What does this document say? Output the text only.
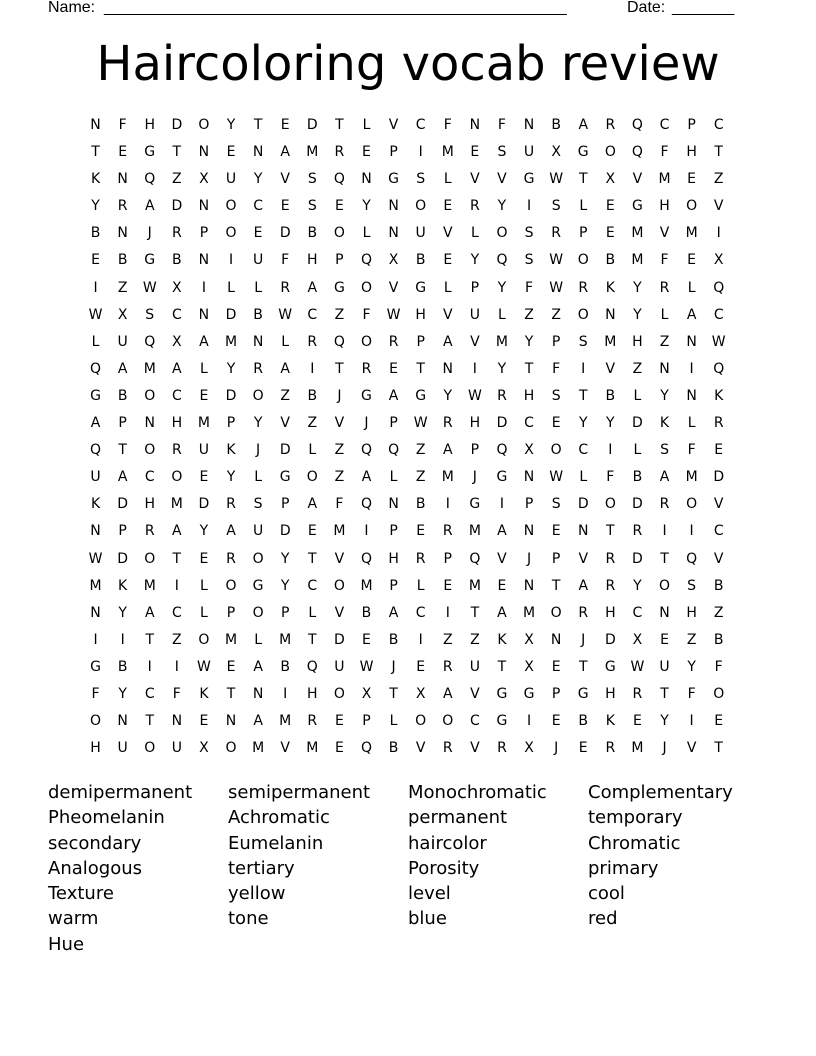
Name: ____________________________________________________	Date: _______
Haircoloring vocab review
N	F	H	D	O	Y	T	E	D	T	L	V	C	F	N	F	N	B	A	R	Q	C	P	C
T	E	G	T	N	E	N	A	M	R	E	P	I	M	E	S	U	X	G	O	Q	F	H	T
K	N	Q	Z	X	U	Y	V	S	Q	N	G	S	L	V	V	G	W	T	X	V	M	E	Z
Y	R	A	D	N	O	C	E	S	E	Y	N	O	E	R	Y	I	S	L	E	G	H	O	V
B	N	J	R	P	O	E	D	B	O	L	N	U	V	L	O	S	R	P	E	M	V	M	I
E	B	G	B	N	I	U	F	H	P	Q	X	B	E	Y	Q	S	W	O	B	M	F	E	X
I	Z	W	X	I	L	L	R	A	G	O	V	G	L	P	Y	F	W	R	K	Y	R	L	Q
W	X	S	C	N	D	B	W	C	Z	F	W	H	V	U	L	Z	Z	O	N	Y	L	A	C
L	U	Q	X	A	M	N	L	R	Q	O	R	P	A	V	M	Y	P	S	M	H	Z	N	W
Q	A	M	A	L	Y	R	A	I	T	R	E	T	N	I	Y	T	F	I	V	Z	N	I	Q
G	B	O	C	E	D	O	Z	B	J	G	A	G	Y	W	R	H	S	T	B	L	Y	N	K
A	P	N	H	M	P	Y	V	Z	V	J	P	W	R	H	D	C	E	Y	Y	D	K	L	R
Q	T	O	R	U	K	J	D	L	Z	Q	Q	Z	A	P	Q	X	O	C	I	L	S	F	E
U	A	C	O	E	Y	L	G	O	Z	A	L	Z	M	J	G	N	W	L	F	B	A	M	D
K	D	H	M	D	R	S	P	A	F	Q	N	B	I	G	I	P	S	D	O	D	R	O	V
N	P	R	A	Y	A	U	D	E	M	I	P	E	R	M	A	N	E	N	T	R	I	I	C
W	D	O	T	E	R	O	Y	T	V	Q	H	R	P	Q	V	J	P	V	R	D	T	Q	V
M	K	M	I	L	O	G	Y	C	O	M	P	L	E	M	E	N	T	A	R	Y	O	S	B
N	Y	A	C	L	P	O	P	L	V	B	A	C	I	T	A	M	O	R	H	C	N	H	Z
I	I	T	Z	O	M	L	M	T	D	E	B	I	Z	Z	K	X	N	J	D	X	E	Z	B
G	B	I	I	W	E	A	B	Q	U	W	J	E	R	U	T	X	E	T	G	W	U	Y	F
F	Y	C	F	K	T	N	I	H	O	X	T	X	A	V	G	G	P	G	H	R	T	F	O
O	N	T	N	E	N	A	M	R	E	P	L	O	O	C	G	I	E	B	K	E	Y	I	E
H	U	O	U	X	O	M	V	M	E	Q	B	V	R	V	R	X	J	E	R	M	J	V	T
demipermanent	semipermanent	Monochromatic	Complementary
Pheomelanin	Achromatic	permanent	temporary
secondary	Eumelanin	haircolor	Chromatic
Analogous	tertiary	Porosity	primary
Texture	yellow	level	cool
warm	tone	blue	red
Hue
